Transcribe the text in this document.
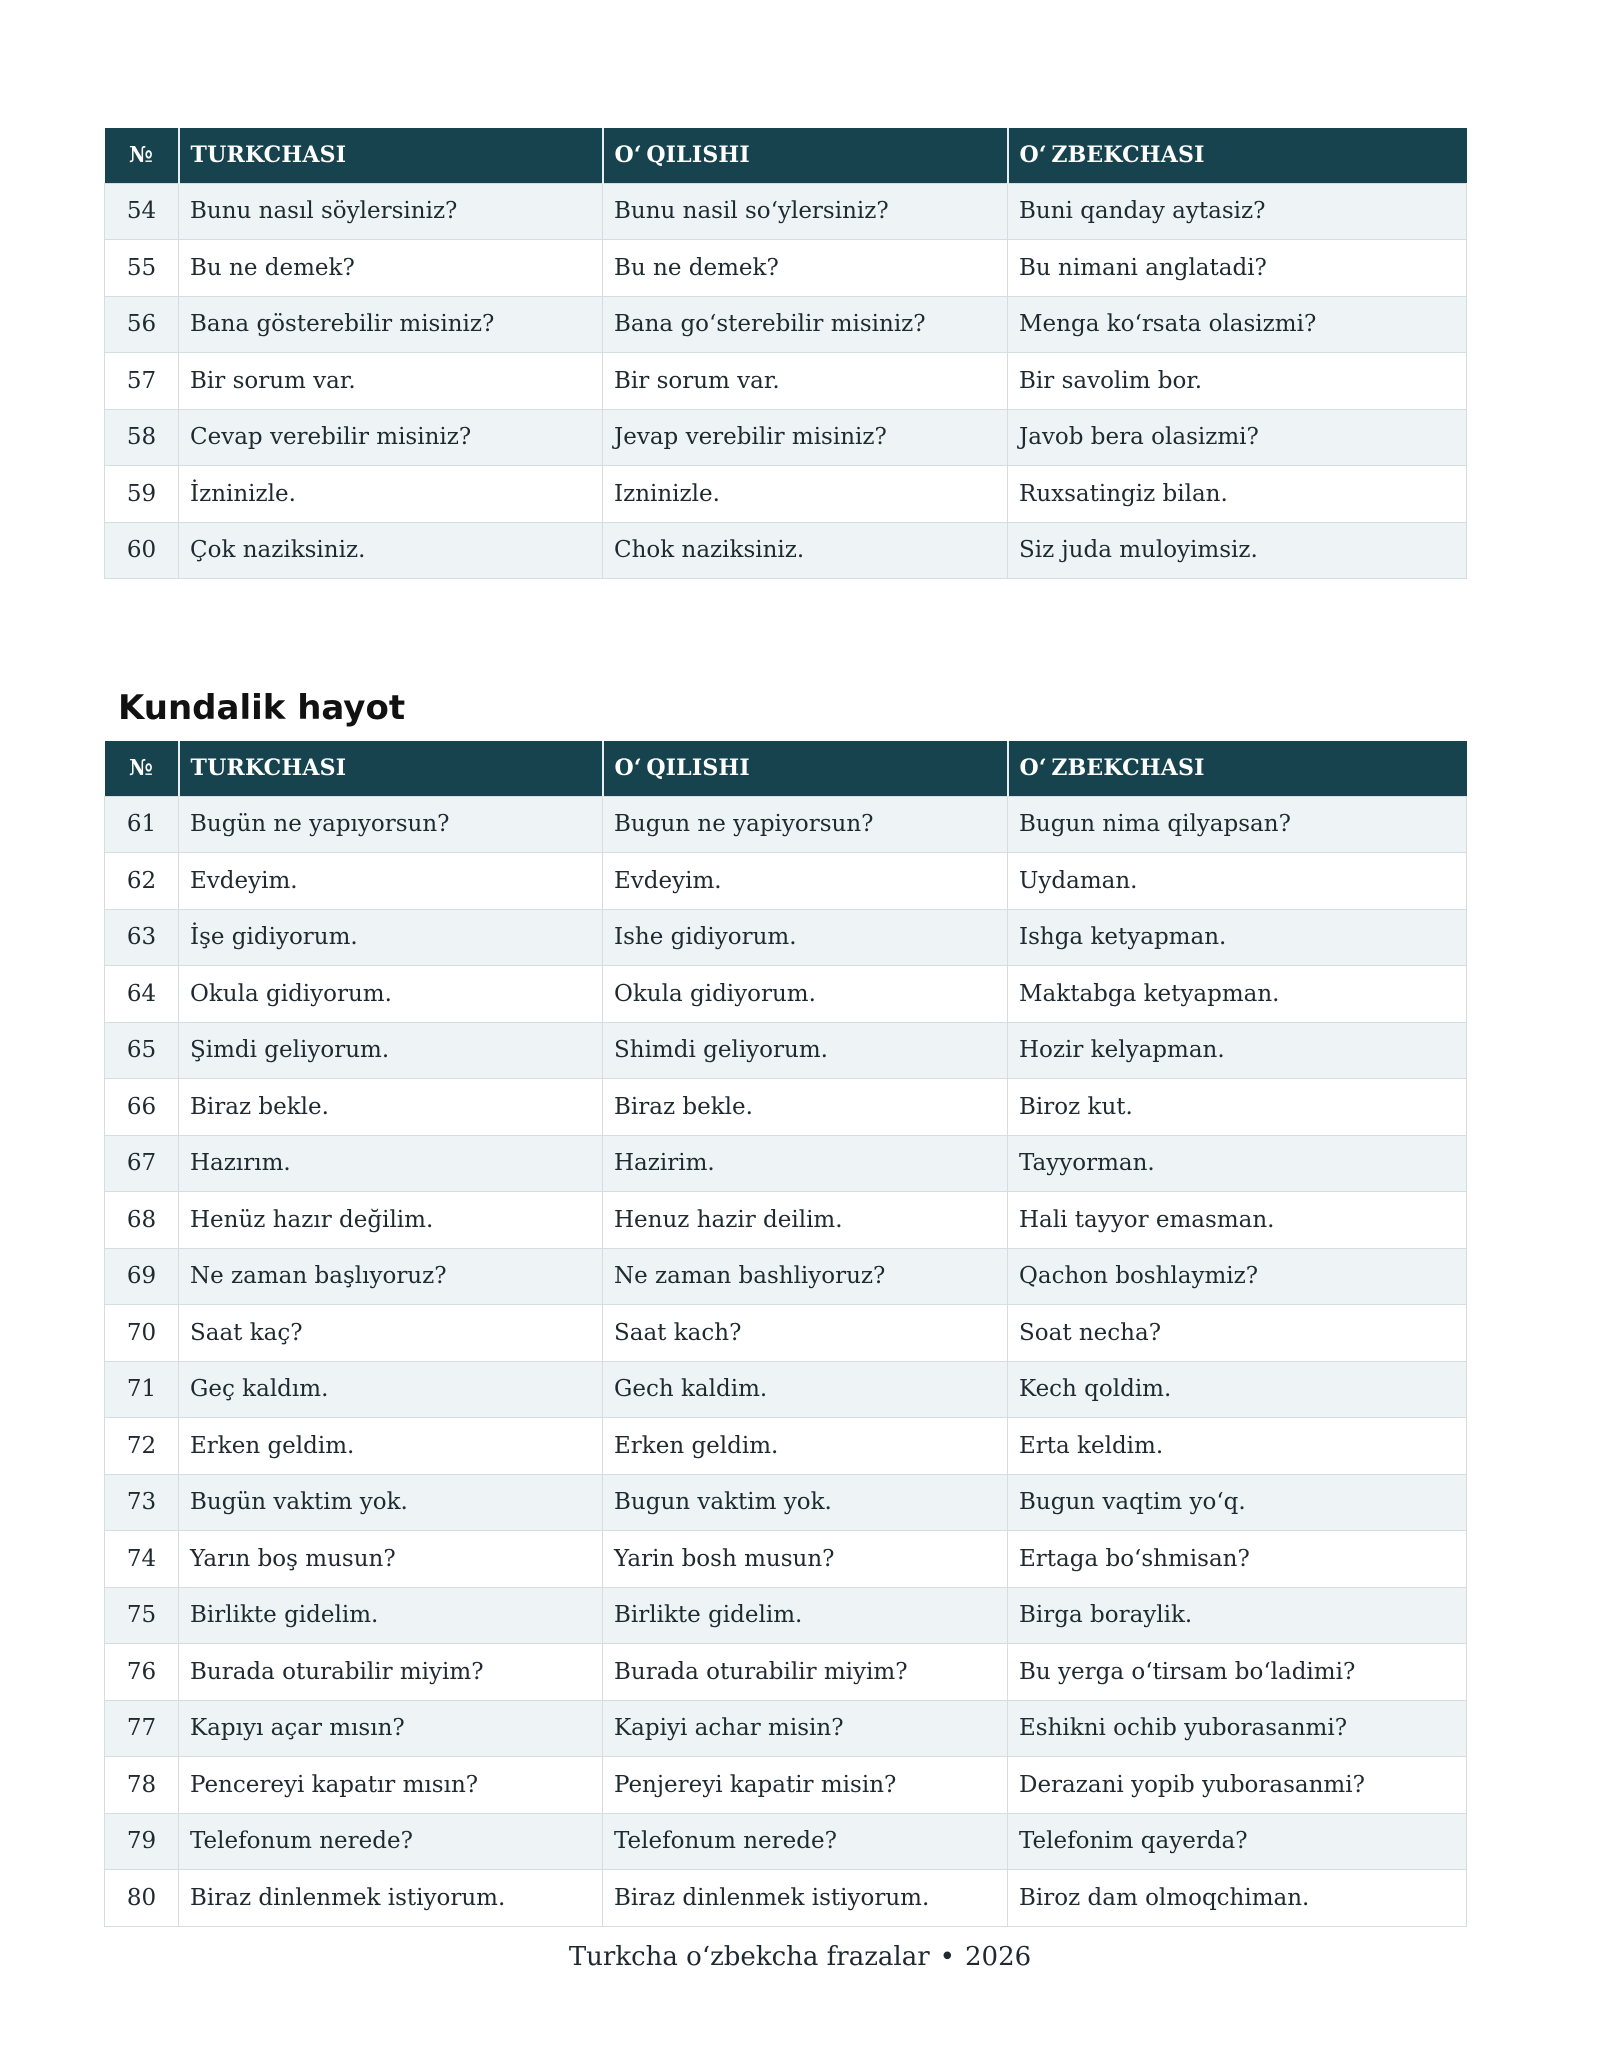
№	TURKCHASI	Oʻ QILISHI	Oʻ ZBEKCHASI
54	Bunu nasıl söylersiniz?	Bunu nasil soʻylersiniz?	Buni qanday aytasiz?
55	Bu ne demek?	Bu ne demek?	Bu nimani anglatadi?
56	Bana gösterebilir misiniz?	Bana goʻsterebilir misiniz?	Menga koʻrsata olasizmi?
57	Bir sorum var.	Bir sorum var.	Bir savolim bor.
58	Cevap verebilir misiniz?	Jevap verebilir misiniz?	Javob bera olasizmi?
59	İzninizle.	Izninizle.	Ruxsatingiz bilan.
60	Çok naziksiniz.	Chok naziksiniz.	Siz juda muloyimsiz.
Kundalik hayot
№	TURKCHASI	Oʻ QILISHI	Oʻ ZBEKCHASI
61	Bugün ne yapıyorsun?	Bugun ne yapiyorsun?	Bugun nima qilyapsan?
62	Evdeyim.	Evdeyim.	Uydaman.
63	İşe gidiyorum.	Ishe gidiyorum.	Ishga ketyapman.
64	Okula gidiyorum.	Okula gidiyorum.	Maktabga ketyapman.
65	Şimdi geliyorum.	Shimdi geliyorum.	Hozir kelyapman.
66	Biraz bekle.	Biraz bekle.	Biroz kut.
67	Hazırım.	Hazirim.	Tayyorman.
68	Henüz hazır değilim.	Henuz hazir deilim.	Hali tayyor emasman.
69	Ne zaman başlıyoruz?	Ne zaman bashliyoruz?	Qachon boshlaymiz?
70	Saat kaç?	Saat kach?	Soat necha?
71	Geç kaldım.	Gech kaldim.	Kech qoldim.
72	Erken geldim.	Erken geldim.	Erta keldim.
73	Bugün vaktim yok.	Bugun vaktim yok.	Bugun vaqtim yoʻq.
74	Yarın boş musun?	Yarin bosh musun?	Ertaga boʻshmisan?
75	Birlikte gidelim.	Birlikte gidelim.	Birga boraylik.
76	Burada oturabilir miyim?	Burada oturabilir miyim?	Bu yerga oʻtirsam boʻladimi?
77	Kapıyı açar mısın?	Kapiyi achar misin?	Eshikni ochib yuborasanmi?
78	Pencereyi kapatır mısın?	Penjereyi kapatir misin?	Derazani yopib yuborasanmi?
79	Telefonum nerede?	Telefonum nerede?	Telefonim qayerda?
80	Biraz dinlenmek istiyorum.	Biraz dinlenmek istiyorum.	Biroz dam olmoqchiman.
Turkcha oʻzbekcha frazalar • 2026
